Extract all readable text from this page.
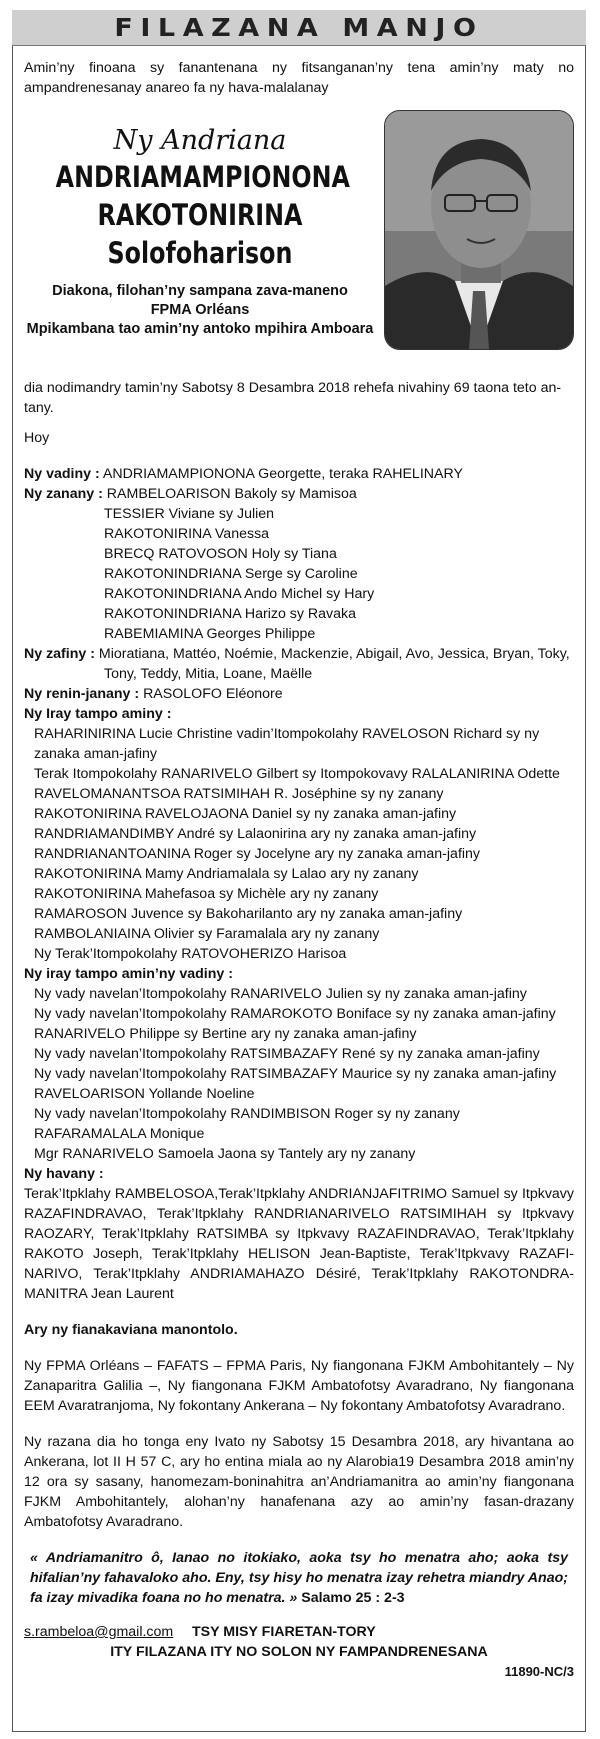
FILAZANA MANJO

Amin’ny finoana sy fanantenana ny fitsanganan’ny tena amin’ny maty no ampandrenesanay anareo fa ny hava-malalanay

Ny Andriana
ANDRIAMAMPIONONA
RAKOTONIRINA
Solofoharison
Diakona, filohan’ny sampana zava-maneno
FPMA Orléans
Mpikambana tao amin’ny antoko mpihira Amboara

dia nodimandry tamin’ny Sabotsy 8 Desambra 2018 rehefa nivahiny 69 taona teto an-tany.

Hoy

Ny vadiny : ANDRIAMAMPIONONA Georgette, teraka RAHELINARY

Ny zanany : RAMBELOARISON Bakoly sy Mamisoa

TESSIER Viviane sy Julien

RAKOTONIRINA Vanessa

BRECQ RATOVOSON Holy sy Tiana

RAKOTONINDRIANA Serge sy Caroline

RAKOTONINDRIANA Ando Michel sy Hary

RAKOTONINDRIANA Harizo sy Ravaka

RABEMIAMINA Georges Philippe

Ny zafiny : Mioratiana, Mattéo, Noémie, Mackenzie, Abigail, Avo, Jessica, Bryan, Toky,

Tony, Teddy, Mitia, Loane, Maëlle

Ny renin-janany : RASOLOFO Eléonore

Ny Iray tampo aminy :

RAHARINIRINA Lucie Christine vadin’Itompokolahy RAVELOSON Richard sy ny zanaka aman-jafiny

Terak Itompokolahy RANARIVELO Gilbert sy Itompokovavy RALALANIRINA Odette

RAVELOMANANTSOA RATSIMIHAH R. Joséphine sy ny zanany

RAKOTONIRINA RAVELOJAONA Daniel sy ny zanaka aman-jafiny

RANDRIAMANDIMBY André sy Lalaonirina ary ny zanaka aman-jafiny

RANDRIANANTOANINA Roger sy Jocelyne ary ny zanaka aman-jafiny

RAKOTONIRINA Mamy Andriamalala sy Lalao ary ny zanany

RAKOTONIRINA Mahefasoa sy Michèle ary ny zanany

RAMAROSON Juvence sy Bakoharilanto ary ny zanaka aman-jafiny

RAMBOLANIAINA Olivier sy Faramalala ary ny zanany

Ny Terak’Itompokolahy RATOVOHERIZO Harisoa

Ny iray tampo amin’ny vadiny :

Ny vady navelan’Itompokolahy RANARIVELO Julien sy ny zanaka aman-jafiny

Ny vady navelan’Itompokolahy RAMAROKOTO Boniface sy ny zanaka aman-jafiny

RANARIVELO Philippe sy Bertine ary ny zanaka aman-jafiny

Ny vady navelan’Itompokolahy RATSIMBAZAFY René sy ny zanaka aman-jafiny

Ny vady navelan’Itompokolahy RATSIMBAZAFY Maurice sy ny zanaka aman-jafiny

RAVELOARISON Yollande Noeline

Ny vady navelan’Itompokolahy RANDIMBISON Roger sy ny zanany

RAFARAMALALA Monique

Mgr RANARIVELO Samoela Jaona sy Tantely ary ny zanany

Ny havany :

Terak’Itpklahy RAMBELOSOA,Terak’Itpklahy ANDRIANJAFITRIMO Samuel sy Itpkvavy RAZAFINDRAVAO, Terak’Itpklahy RANDRIANARIVELO RATSIMIHAH sy Itpkvavy RAOZARY, Terak’Itpklahy RATSIMBA sy Itpkvavy RAZAFINDRAVAO, Terak’Itpklahy RAKOTO Joseph, Terak’Itpklahy HELISON Jean-Baptiste, Terak’Itpkvavy RAZAFI-NARIVO, Terak’Itpklahy ANDRIAMAHAZO Désiré, Terak’Itpklahy RAKOTONDRA-MANITRA Jean Laurent

Ary ny fianakaviana manontolo.

Ny FPMA Orléans – FAFATS – FPMA Paris, Ny fiangonana FJKM Ambohitantely – Ny Zanaparitra Galilia –, Ny fiangonana FJKM Ambatofotsy Avaradrano, Ny fiangonana EEM Avaratranjoma, Ny fokontany Ankerana – Ny fokontany Ambatofotsy Avaradrano.

Ny razana dia ho tonga eny Ivato ny Sabotsy 15 Desambra 2018, ary hivantana ao Ankerana, lot II H 57 C, ary ho entina miala ao ny Alarobia19 Desambra 2018 amin’ny 12 ora sy sasany, hanomezam-boninahitra an’Andriamanitra ao amin’ny fiangonana FJKM Ambohitantely, alohan’ny hanafenana azy ao amin’ny fasan-drazany Ambatofotsy Avaradrano.

« Andriamanitro ô, Ianao no itokiako, aoka tsy ho menatra aho; aoka tsy hifalian’ny fahavaloko aho. Eny, tsy hisy ho menatra izay rehetra miandry Anao; fa izay mivadika foana no ho menatra. » Salamo 25 : 2-3

s.rambeloa@gmail.com	TSY MISY FIARETAN-TORY

ITY FILAZANA ITY NO SOLON NY FAMPANDRENESANA

11890-NC/3
